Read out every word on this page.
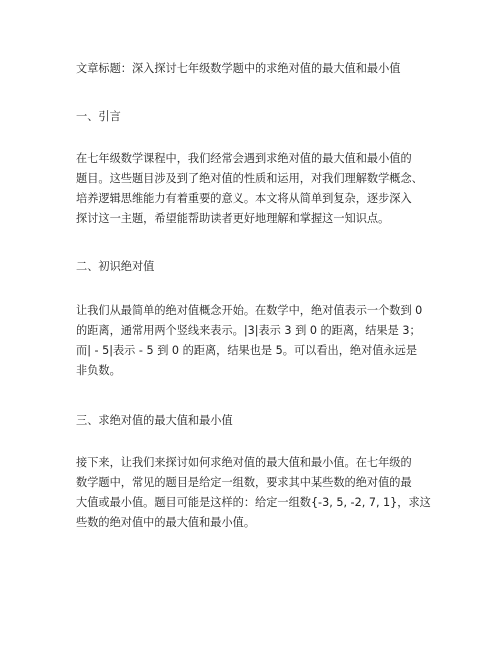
文章标题：深入探讨七年级数学题中的求绝对值的最大值和最小值
一、引言
在七年级数学课程中，我们经常会遇到求绝对值的最大值和最小值的
题目。这些题目涉及到了绝对值的性质和运用，对我们理解数学概念、
培养逻辑思维能力有着重要的意义。本文将从简单到复杂，逐步深入
探讨这一主题，希望能帮助读者更好地理解和掌握这一知识点。
二、初识绝对值
让我们从最简单的绝对值概念开始。在数学中，绝对值表示一个数到 0
的距离，通常用两个竖线来表示。|3|表示 3 到 0 的距离，结果是 3；
而| - 5|表示 - 5 到 0 的距离，结果也是 5。可以看出，绝对值永远是
非负数。
三、求绝对值的最大值和最小值
接下来，让我们来探讨如何求绝对值的最大值和最小值。在七年级的
数学题中，常见的题目是给定一组数，要求其中某些数的绝对值的最
大值或最小值。题目可能是这样的：给定一组数{-3, 5, -2, 7, 1}，求这
些数的绝对值中的最大值和最小值。
